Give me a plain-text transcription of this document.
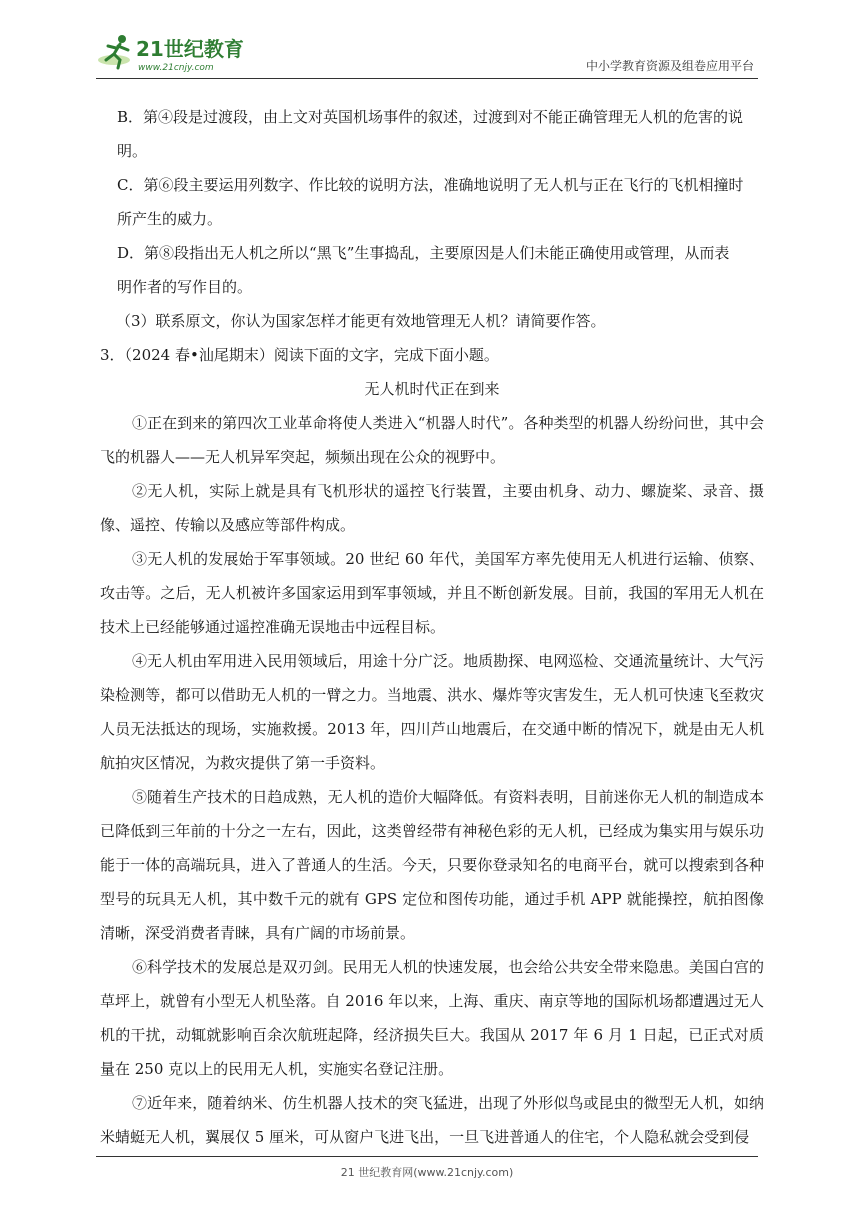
21世纪教育
www.21cnjy.com	中小学教育资源及组卷应用平台

B．第④段是过渡段，由上文对英国机场事件的叙述，过渡到对不能正确管理无人机的危害的说

明。

C．第⑥段主要运用列数字、作比较的说明方法，准确地说明了无人机与正在飞行的飞机相撞时

所产生的威力。

D．第⑧段指出无人机之所以“黑飞”生事捣乱，主要原因是人们未能正确使用或管理，从而表

明作者的写作目的。

（3）联系原文，你认为国家怎样才能更有效地管理无人机？请简要作答。

3．（2024 春•汕尾期末）阅读下面的文字，完成下面小题。

无人机时代正在到来

①正在到来的第四次工业革命将使人类进入“机器人时代”。各种类型的机器人纷纷问世，其中会飞的机器人——无人机异军突起，频频出现在公众的视野中。

②无人机，实际上就是具有飞机形状的遥控飞行装置，主要由机身、动力、螺旋桨、录音、摄像、遥控、传输以及感应等部件构成。

③无人机的发展始于军事领域。20 世纪 60 年代，美国军方率先使用无人机进行运输、侦察、攻击等。之后，无人机被许多国家运用到军事领域，并且不断创新发展。目前，我国的军用无人机在技术上已经能够通过遥控准确无误地击中远程目标。

④无人机由军用进入民用领域后，用途十分广泛。地质勘探、电网巡检、交通流量统计、大气污染检测等，都可以借助无人机的一臂之力。当地震、洪水、爆炸等灾害发生，无人机可快速飞至救灾人员无法抵达的现场，实施救援。2013 年，四川芦山地震后，在交通中断的情况下，就是由无人机航拍灾区情况，为救灾提供了第一手资料。

⑤随着生产技术的日趋成熟，无人机的造价大幅降低。有资料表明，目前迷你无人机的制造成本已降低到三年前的十分之一左右，因此，这类曾经带有神秘色彩的无人机，已经成为集实用与娱乐功能于一体的高端玩具，进入了普通人的生活。今天，只要你登录知名的电商平台，就可以搜索到各种型号的玩具无人机，其中数千元的就有 GPS 定位和图传功能，通过手机 APP 就能操控，航拍图像清晰，深受消费者青睐，具有广阔的市场前景。

⑥科学技术的发展总是双刃剑。民用无人机的快速发展，也会给公共安全带来隐患。美国白宫的草坪上，就曾有小型无人机坠落。自 2016 年以来，上海、重庆、南京等地的国际机场都遭遇过无人机的干扰，动辄就影响百余次航班起降，经济损失巨大。我国从 2017 年 6 月 1 日起，已正式对质量在 250 克以上的民用无人机，实施实名登记注册。

⑦近年来，随着纳米、仿生机器人技术的突飞猛进，出现了外形似鸟或昆虫的微型无人机，如纳米蜻蜓无人机，翼展仅 5 厘米，可从窗户飞进飞出，一旦飞进普通人的住宅，个人隐私就会受到侵

21 世纪教育网(www.21cnjy.com)
